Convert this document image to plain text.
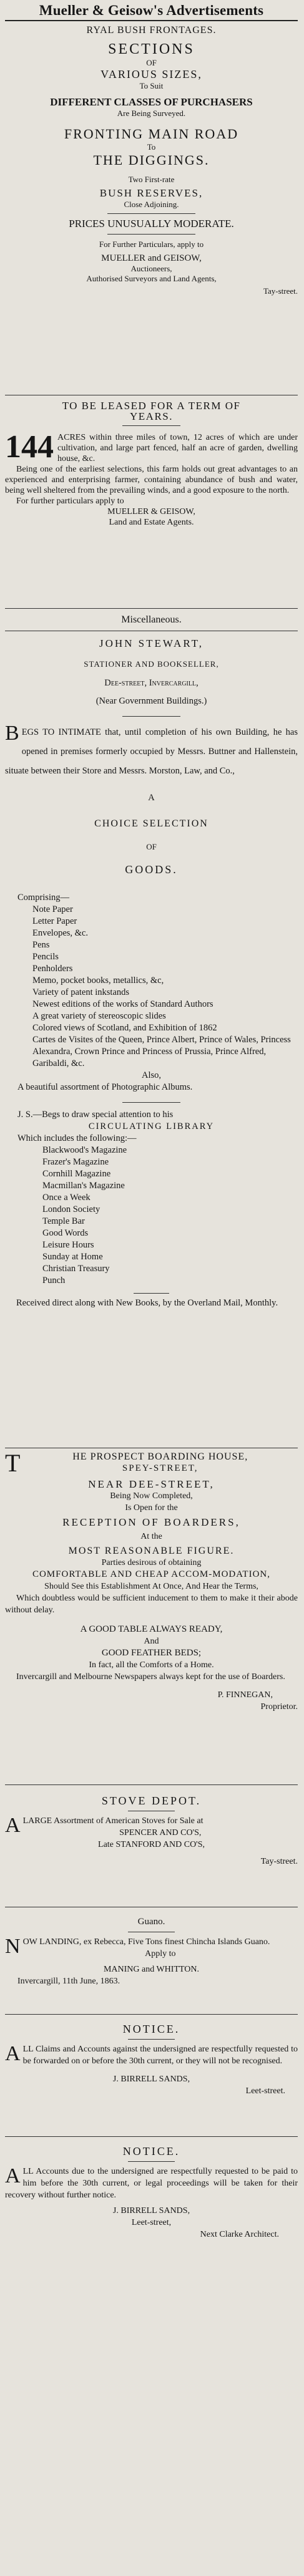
Mueller & Geisow's Advertisements
RYAL BUSH FRONTAGES.
SECTIONS
OF
VARIOUS SIZES,
To Suit
DIFFERENT CLASSES OF PURCHASERS
Are Being Surveyed.
FRONTING MAIN ROAD
To
THE DIGGINGS.
Two First-rate
BUSH RESERVES,
Close Adjoining.
PRICES UNUSUALLY MODERATE.
For Further Particulars, apply to
MUELLER and GEISOW,
Auctioneers,
Authorised Surveyors and Land Agents,
Tay-street.
TO BE LEASED FOR A TERM OF
YEARS.

144 ACRES within three miles of town, 12 acres of which are under cultivation, and large part fenced, half an acre of garden, dwelling house, &c.

Being one of the earliest selections, this farm holds out great advantages to an experienced and enterprising farmer, containing abundance of bush and water, being well sheltered from the prevailing winds, and a good exposure to the north.

For further particulars apply to

MUELLER & GEISOW,
Land and Estate Agents.
Miscellaneous.
JOHN STEWART,
STATIONER AND BOOKSELLER,
Dee-street, Invercargill,
(Near Government Buildings.)

BEGS TO INTIMATE that, until completion of his own Building, he has opened in premises formerly occupied by Messrs. Buttner and Hallenstein, situate between their Store and Messrs. Morston, Law, and Co.,

A
CHOICE SELECTION
OF
GOODS.
Comprising—
Note Paper
Letter Paper
Envelopes, &c.
Pens
Pencils
Penholders
Memo, pocket books, metallics, &c,
Variety of patent inkstands
Newest editions of the works of Standard Authors
A great variety of stereoscopic slides
Colored views of Scotland, and Exhibition of 1862
Cartes de Visites of the Queen, Prince Albert, Prince of Wales, Princess Alexandra, Crown Prince and Princess of Prussia, Prince Alfred, Garibaldi, &c.
Also,
A beautiful assortment of Photographic Albums.
J. S.—Begs to draw special attention to his
CIRCULATING LIBRARY
Which includes the following:—
Blackwood's Magazine
Frazer's Magazine
Cornhill Magazine
Macmillan's Magazine
Once a Week
London Society
Temple Bar
Good Words
Leisure Hours
Sunday at Home
Christian Treasury
Punch

Received direct along with New Books, by the Overland Mail, Monthly.

T	HE PROSPECT BOARDING HOUSE,
SPEY-STREET,
NEAR DEE-STREET,
Being Now Completed,
Is Open for the
RECEPTION OF BOARDERS,
At the
MOST REASONABLE FIGURE.
Parties desirous of obtaining
COMFORTABLE AND CHEAP ACCOM-MODATION,
Should See this Establishment At Once, And Hear the Terms,

Which doubtless would be sufficient inducement to them to make it their abode without delay.

A GOOD TABLE ALWAYS READY,
And
GOOD FEATHER BEDS;
In fact, all the Comforts of a Home.

Invercargill and Melbourne Newspapers always kept for the use of Boarders.

P. FINNEGAN,
Proprietor.
STOVE DEPOT.

ALARGE Assortment of American Stoves for Sale at

SPENCER AND CO'S,
Late STANFORD AND CO'S,
Tay-street.
Guano.

NOW LANDING, ex Rebecca, Five Tons finest Chincha Islands Guano.

Apply to
MANING and WHITTON.
Invercargill, 11th June, 1863.
NOTICE.

ALL Claims and Accounts against the undersigned are respectfully requested to be forwarded on or before the 30th current, or they will not be recognised.

J. BIRRELL SANDS,
Leet-street.
NOTICE.

ALL Accounts due to the undersigned are respectfully requested to be paid to him before the 30th current, or legal proceedings will be taken for their recovery without further notice.

J. BIRRELL SANDS,
Leet-street,
Next Clarke Architect.
